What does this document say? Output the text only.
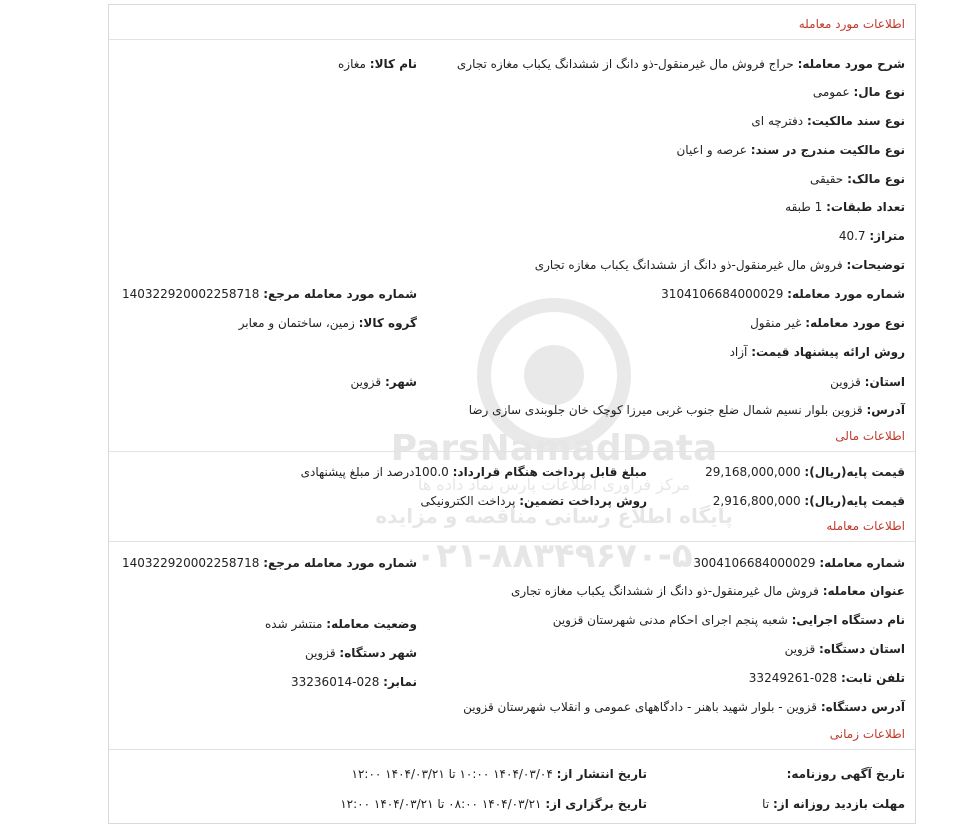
ParsNamadData
مرکز فراوری اطلاعات پارس نماد داده ها
پایگاه اطلاع رسانی مناقصه و مزایده
۰۲۱-۸۸۳۴۹۶۷۰-۵
اطلاعات مورد معامله
شرح مورد معامله: حراج فروش مال غیرمنقول-ذو دانگ از ششدانگ یکباب مغازه تجاری
نام کالا: مغازه
نوع مال: عمومی
نوع سند مالکیت: دفترچه ای
نوع مالکیت مندرج در سند: عرصه و اعیان
نوع مالک: حقیقی
تعداد طبقات: 1 طبقه
متراژ: 40.7
توضیحات: فروش مال غیرمنقول-ذو دانگ از ششدانگ یکباب مغازه تجاری
شماره مورد معامله: 3104106684000029
شماره مورد معامله مرجع: 140322920002258718
نوع مورد معامله: غیر منقول
گروه کالا: زمین، ساختمان و معابر
روش ارائه پیشنهاد قیمت: آزاد
استان: قزوین
شهر: قزوین
آدرس: قزوین بلوار نسیم شمال ضلع جنوب غربی میرزا کوچک خان جلوبندی سازی رضا
اطلاعات مالی
قیمت پایه(ریال): 29,168,000,000
مبلغ قابل پرداخت هنگام قرارداد: 100.0درصد از مبلغ پیشنهادی
قیمت پایه(ریال): 2,916,800,000
روش پرداخت تضمین: پرداخت الکترونیکی
اطلاعات معامله
شماره معامله: 3004106684000029
شماره مورد معامله مرجع: 140322920002258718
عنوان معامله: فروش مال غیرمنقول-ذو دانگ از ششدانگ یکباب مغازه تجاری
نام دستگاه اجرایی: شعبه پنجم اجرای احکام مدنی شهرستان قزوین
وضعیت معامله: منتشر شده
استان دستگاه: قزوین
شهر دستگاه: قزوین
تلفن ثابت: 028-33249261
نمابر: 028-33236014
آدرس دستگاه: قزوین - بلوار شهید باهنر - دادگاههای عمومی و انقلاب شهرستان قزوین
اطلاعات زمانی
تاریخ آگهی روزنامه:
تاریخ انتشار از: ۱۴۰۴/۰۳/۰۴ ۱۰:۰۰ تا ۱۴۰۴/۰۳/۲۱ ۱۲:۰۰
مهلت بازدید روزانه از: تا
تاریخ برگزاری از: ۱۴۰۴/۰۳/۲۱ ۰۸:۰۰ تا ۱۴۰۴/۰۳/۲۱ ۱۲:۰۰
